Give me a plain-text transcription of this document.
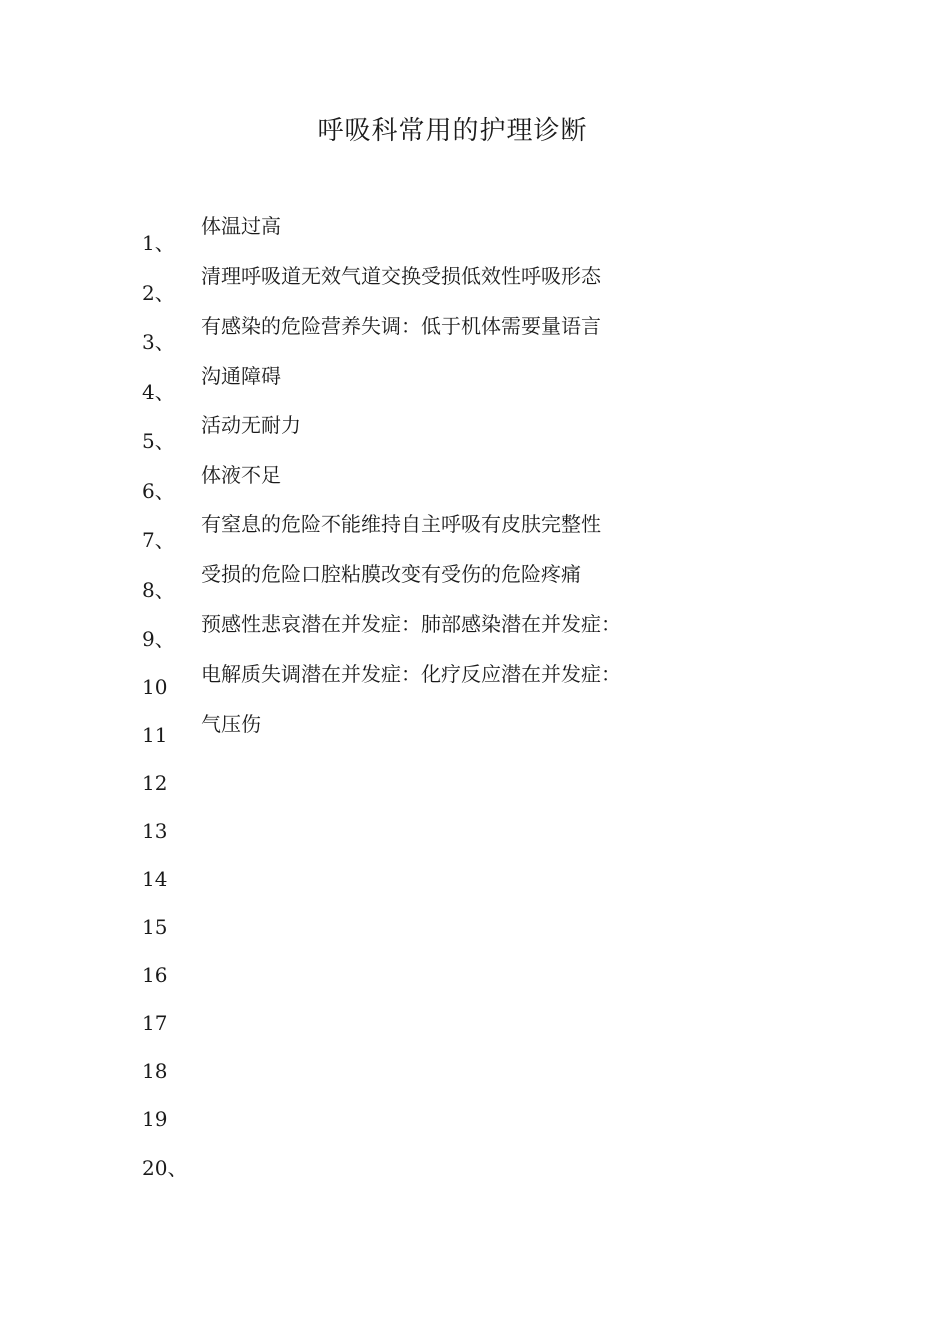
呼吸科常用的护理诊断
1、
2、
3、
4、
5、
6、
7、
8、
9、
10
11
12
13
14
15
16
17
18
19
20、
体温过高
清理呼吸道无效气道交换受损低效性呼吸形态
有感染的危险营养失调：低于机体需要量语言
沟通障碍
活动无耐力
体液不足
有窒息的危险不能维持自主呼吸有皮肤完整性
受损的危险口腔粘膜改变有受伤的危险疼痛
预感性悲哀潜在并发症：肺部感染潜在并发症：
电解质失调潜在并发症：化疗反应潜在并发症：
气压伤
